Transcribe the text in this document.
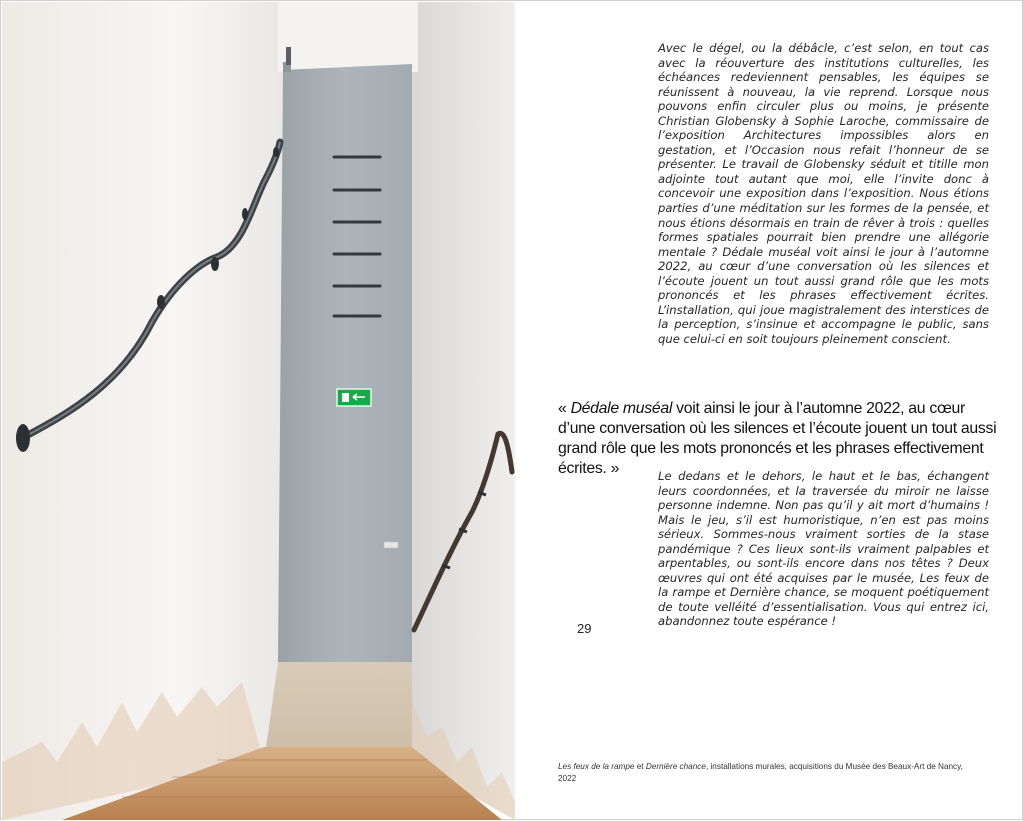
Avec le dégel, ou la débâcle, c’est selon, en tout cas avec la réouverture des institutions culturelles, les échéances redeviennent pensables, les équipes se réunissent à nouveau, la vie reprend. Lorsque nous pouvons enfin circuler plus ou moins, je présente Christian Globensky à Sophie Laroche, commissaire de l’exposition Architectures impossibles alors en gestation, et l’Occasion nous refait l’honneur de se présenter. Le travail de Globensky séduit et titille mon adjointe tout autant que moi, elle l’invite donc à concevoir une exposition dans l’exposition. Nous étions parties d’une méditation sur les formes de la pensée, et nous étions désormais en train de rêver à trois : quelles formes spatiales pourrait bien prendre une allégorie mentale ? Dédale muséal voit ainsi le jour à l’automne 2022, au cœur d’une conversation où les silences et l’écoute jouent un tout aussi grand rôle que les mots prononcés et les phrases effectivement écrites. L’installation, qui joue magistralement des interstices de la perception, s’insinue et accompagne le public, sans que celui-ci en soit toujours pleinement conscient.

« Dédale muséal voit ainsi le jour à l’automne 2022, au cœur d’une conversation où les silences et l’écoute jouent un tout aussi grand rôle que les mots prononcés et les phrases effectivement écrites. »	Le dedans et le dehors, le haut et le bas, échangent leurs coordonnées, et la traversée du miroir ne laisse personne indemne. Non pas qu’il y ait mort d’humains ! Mais le jeu, s’il est humoristique, n’en est pas moins sérieux. Sommes-nous vraiment sorties de la stase pandémique ? Ces lieux sont-ils vraiment palpables et arpentables, ou sont-ils encore dans nos têtes ? Deux œuvres qui ont été acquises par le musée, Les feux de la rampe et Dernière chance, se moquent poétiquement de toute velléité d’essentialisation. Vous qui entrez ici, abandonnez toute espérance !

29

Les feux de la rampe et Dernière chance, installations murales, acquisitions du Musée des Beaux-Art de Nancy, 2022
